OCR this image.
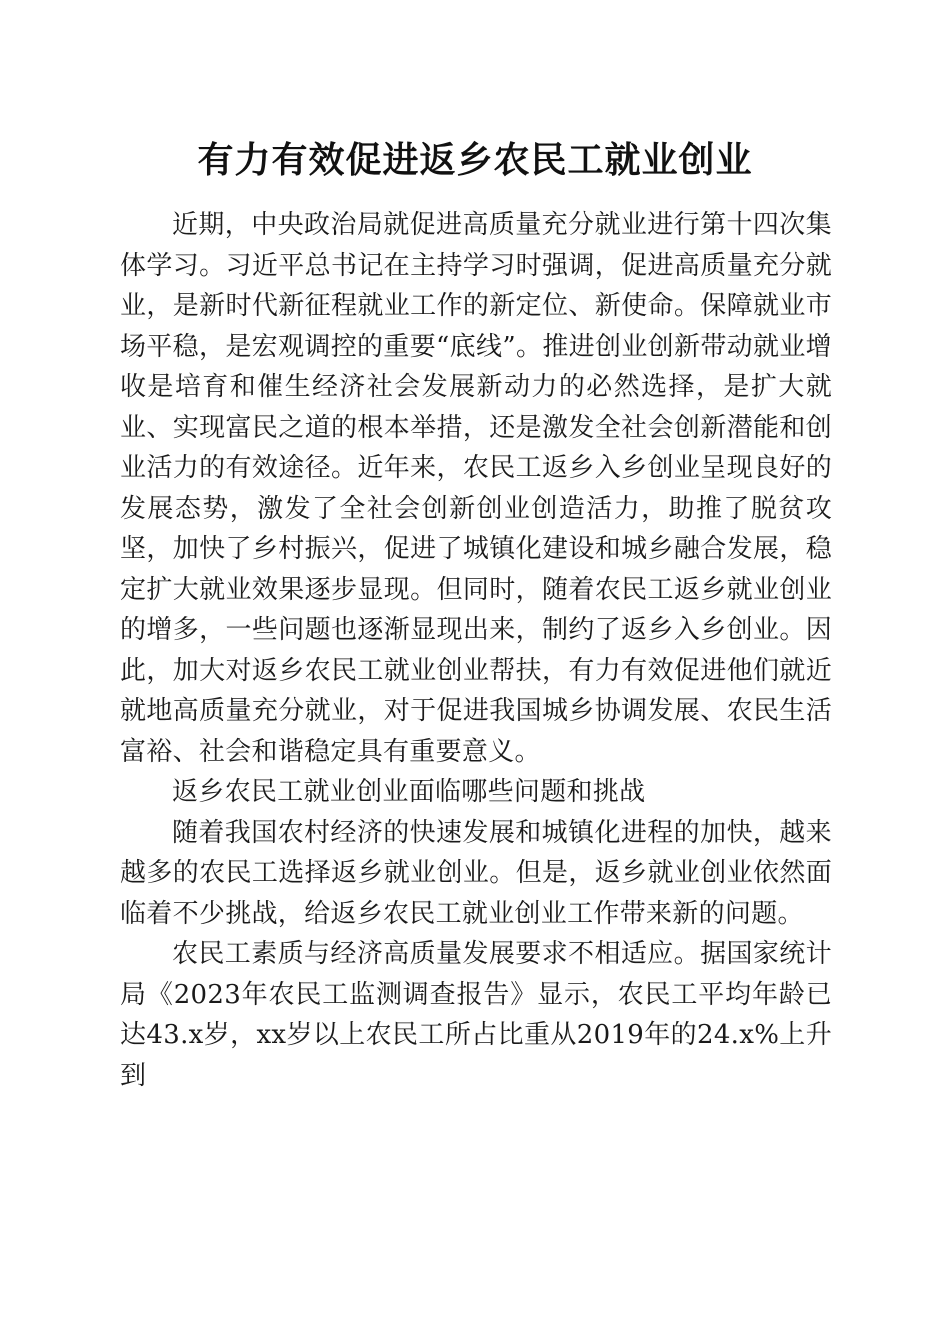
有力有效促进返乡农民工就业创业

近期，中央政治局就促进高质量充分就业进行第十四次集体学习。习近平总书记在主持学习时强调，促进高质量充分就业，是新时代新征程就业工作的新定位、新使命。保障就业市场平稳，是宏观调控的重要“底线”。推进创业创新带动就业增收是培育和催生经济社会发展新动力的必然选择，是扩大就业、实现富民之道的根本举措，还是激发全社会创新潜能和创业活力的有效途径。近年来，农民工返乡入乡创业呈现良好的发展态势，激发了全社会创新创业创造活力，助推了脱贫攻坚，加快了乡村振兴，促进了城镇化建设和城乡融合发展，稳定扩大就业效果逐步显现。但同时，随着农民工返乡就业创业的增多，一些问题也逐渐显现出来，制约了返乡入乡创业。因此，加大对返乡农民工就业创业帮扶，有力有效促进他们就近就地高质量充分就业，对于促进我国城乡协调发展、农民生活富裕、社会和谐稳定具有重要意义。

返乡农民工就业创业面临哪些问题和挑战

随着我国农村经济的快速发展和城镇化进程的加快，越来越多的农民工选择返乡就业创业。但是，返乡就业创业依然面临着不少挑战，给返乡农民工就业创业工作带来新的问题。

农民工素质与经济高质量发展要求不相适应。据国家统计局《2023年农民工监测调查报告》显示，农民工平均年龄已达43.x岁，xx岁以上农民工所占比重从2019年的24.x%上升到
